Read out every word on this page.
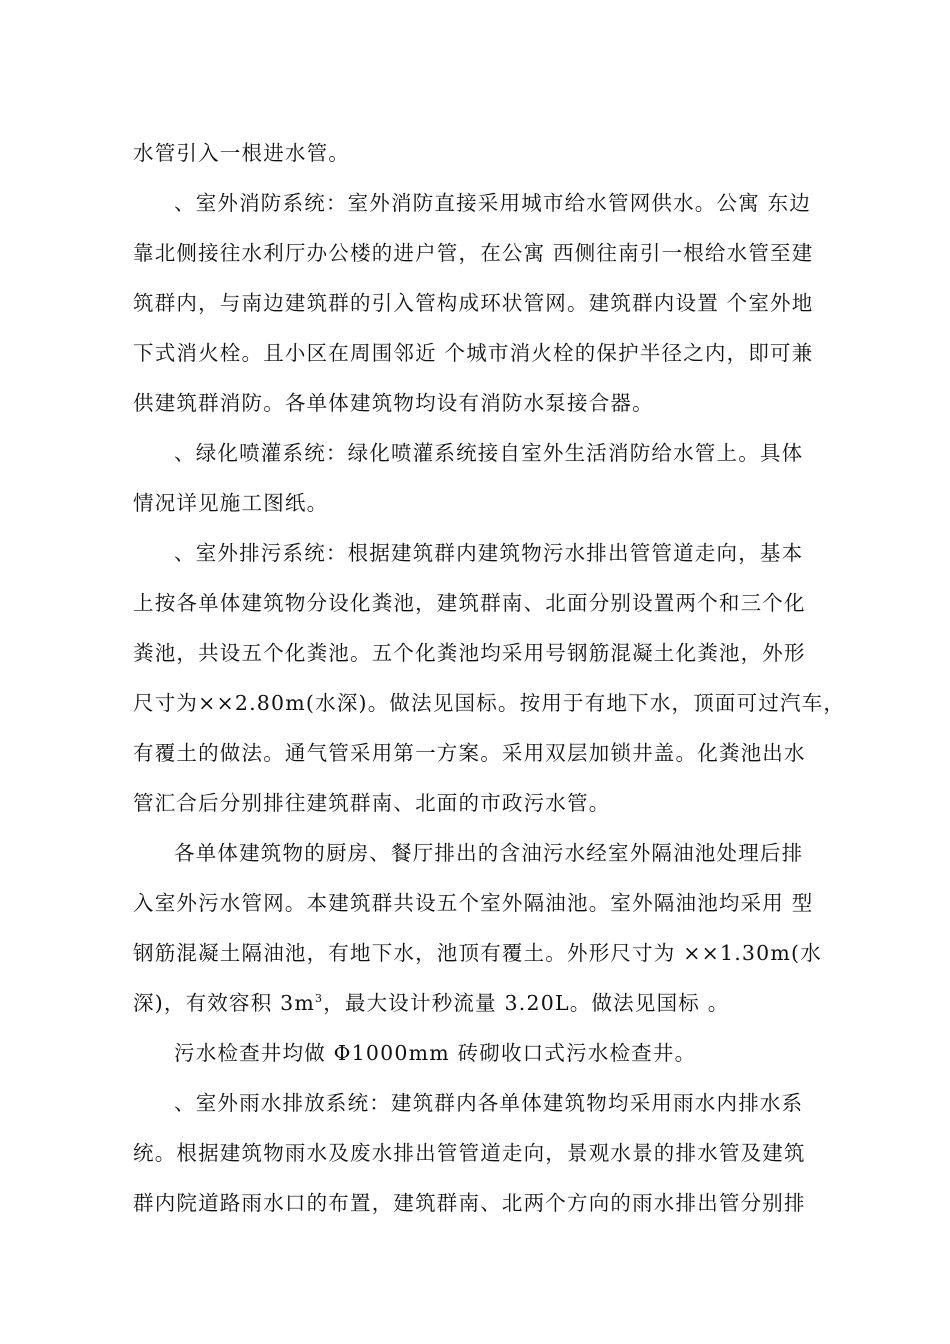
水管引入一根进水管。
、室外消防系统：室外消防直接采用城市给水管网供水。公寓 东边
靠北侧接往水利厅办公楼的进户管，在公寓 西侧往南引一根给水管至建
筑群内，与南边建筑群的引入管构成环状管网。建筑群内设置 个室外地
下式消火栓。且小区在周围邻近 个城市消火栓的保护半径之内，即可兼
供建筑群消防。各单体建筑物均设有消防水泵接合器。
、绿化喷灌系统：绿化喷灌系统接自室外生活消防给水管上。具体
情况详见施工图纸。
、室外排污系统：根据建筑群内建筑物污水排出管管道走向，基本
上按各单体建筑物分设化粪池，建筑群南、北面分别设置两个和三个化
粪池，共设五个化粪池。五个化粪池均采用号钢筋混凝土化粪池，外形
尺寸为××2.80m(水深)。做法见国标。按用于有地下水，顶面可过汽车，
有覆土的做法。通气管采用第一方案。采用双层加锁井盖。化粪池出水
管汇合后分别排往建筑群南、北面的市政污水管。
各单体建筑物的厨房、餐厅排出的含油污水经室外隔油池处理后排
入室外污水管网。本建筑群共设五个室外隔油池。室外隔油池均采用 型
钢筋混凝土隔油池，有地下水，池顶有覆土。外形尺寸为 ××1.30m(水
深)，有效容积 $3m^3$，最大设计秒流量 3.20L。做法见国标 。
污水检查井均做 Φ1000mm 砖砌收口式污水检查井。
、室外雨水排放系统：建筑群内各单体建筑物均采用雨水内排水系
统。根据建筑物雨水及废水排出管管道走向，景观水景的排水管及建筑
群内院道路雨水口的布置，建筑群南、北两个方向的雨水排出管分别排
